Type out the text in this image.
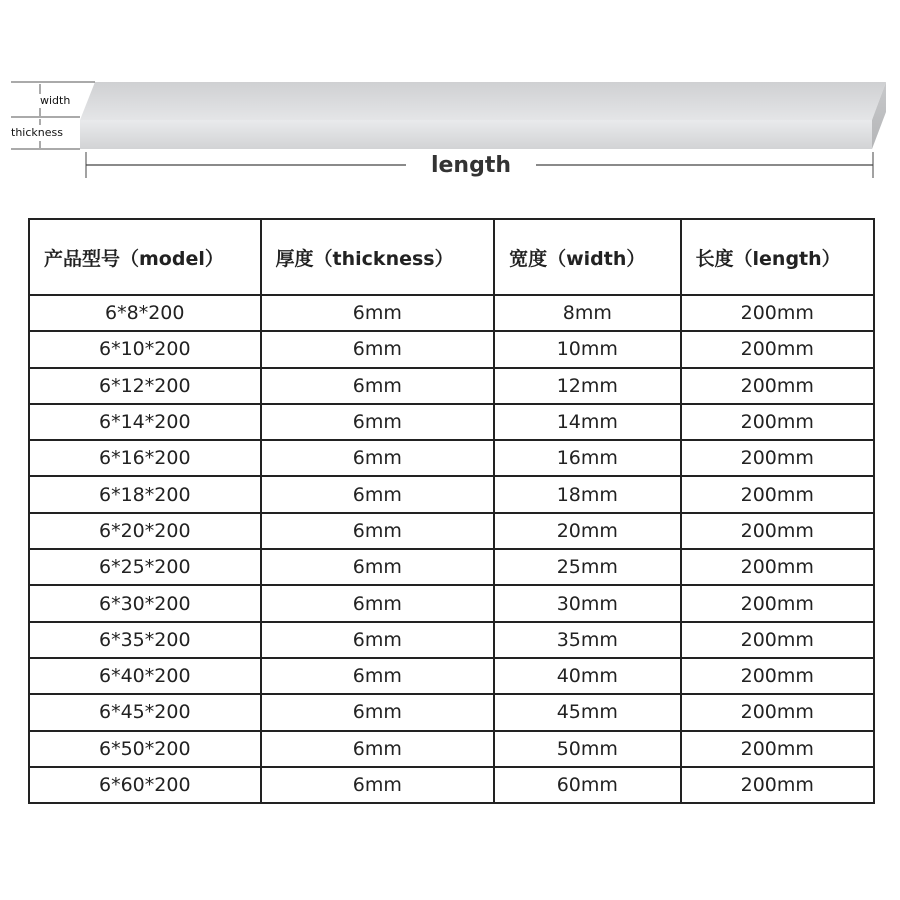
width
thickness
length
产品型号（model）	厚度（thickness）	宽度（width）	长度（length）
6*8*200	6mm	8mm	200mm
6*10*200	6mm	10mm	200mm
6*12*200	6mm	12mm	200mm
6*14*200	6mm	14mm	200mm
6*16*200	6mm	16mm	200mm
6*18*200	6mm	18mm	200mm
6*20*200	6mm	20mm	200mm
6*25*200	6mm	25mm	200mm
6*30*200	6mm	30mm	200mm
6*35*200	6mm	35mm	200mm
6*40*200	6mm	40mm	200mm
6*45*200	6mm	45mm	200mm
6*50*200	6mm	50mm	200mm
6*60*200	6mm	60mm	200mm
